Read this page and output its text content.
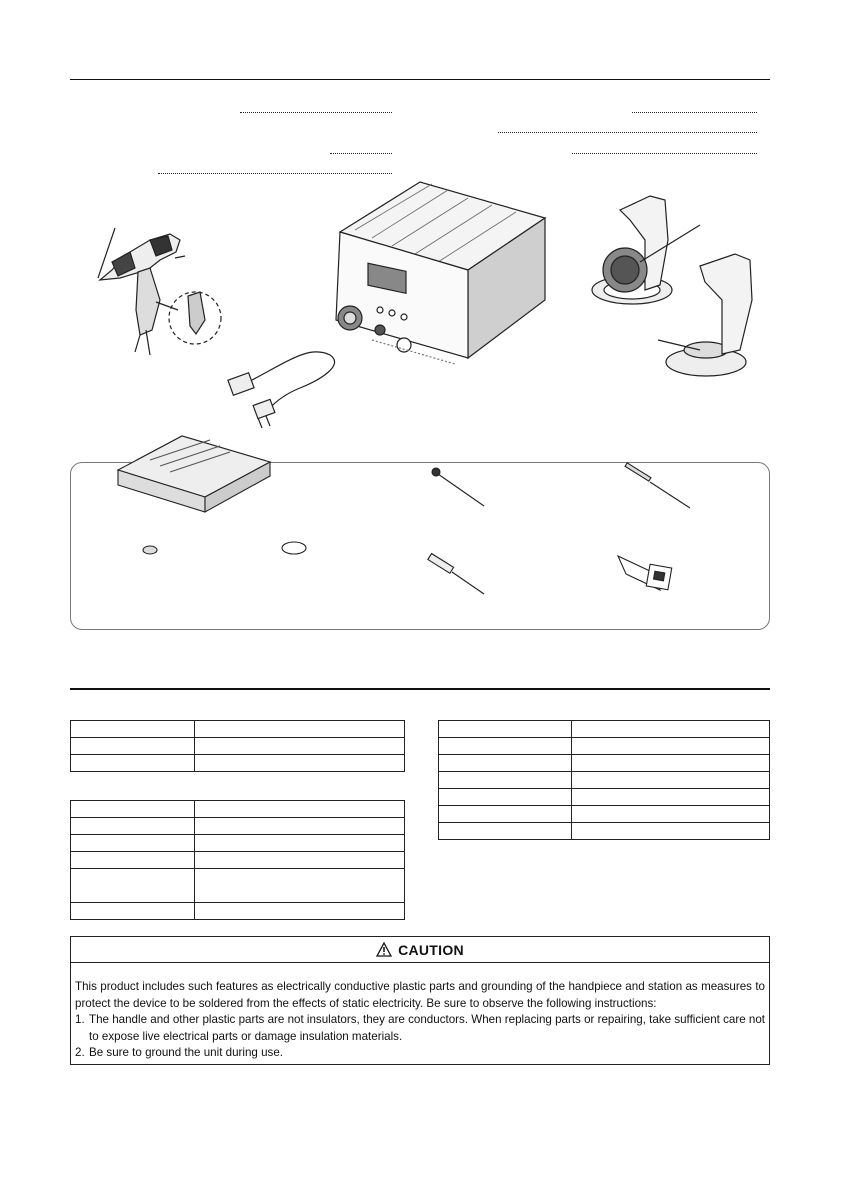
CAUTION

This product includes such features as electrically conductive plastic parts and grounding of the handpiece and station as measures to protect the device to be soldered from the effects of static electricity. Be sure to observe the following instructions:

1. The handle and other plastic parts are not insulators, they are conductors. When replacing parts or repairing, take sufficient care not to expose live electrical parts or damage insulation materials.
2. Be sure to ground the unit during use.
